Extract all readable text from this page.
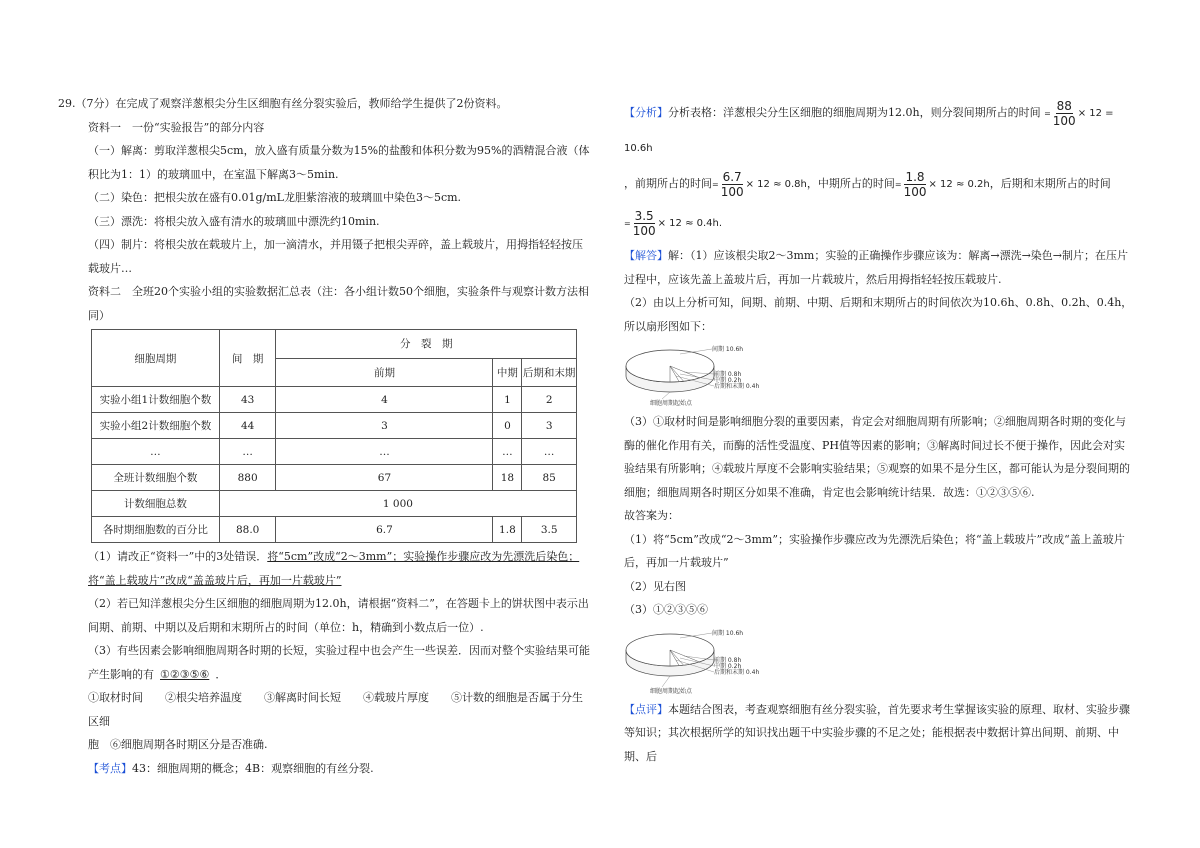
29.（7分）在完成了观察洋葱根尖分生区细胞有丝分裂实验后，教师给学生提供了2份资料。

资料一　一份“实验报告”的部分内容

（一）解离：剪取洋葱根尖5cm，放入盛有质量分数为15%的盐酸和体积分数为95%的酒精混合液（体积比为1：1）的玻璃皿中，在室温下解离3～5min.

（二）染色：把根尖放在盛有0.01g/mL龙胆紫溶液的玻璃皿中染色3～5cm.

（三）漂洗：将根尖放入盛有清水的玻璃皿中漂洗约10min.

（四）制片：将根尖放在载玻片上，加一滴清水，并用镊子把根尖弄碎，盖上载玻片，用拇指轻轻按压载玻片…

资料二　全班20个实验小组的实验数据汇总表（注：各小组计数50个细胞，实验条件与观察计数方法相同）

细胞周期	间　期	分　裂　期		
		前期	中期	后期和末期
实验小组1计数细胞个数	43	4	1	2
实验小组2计数细胞个数	44	3	0	3
…	…	…	…	…
全班计数细胞个数	880	67	18	85
计数细胞总数	1 000			
各时期细胞数的百分比	88.0	6.7	1.8	3.5

（1）请改正“资料一”中的3处错误．将“5cm”改成“2～3mm”；实验操作步骤应改为先漂洗后染色；

将“盖上载玻片”改成“盖盖玻片后，再加一片载玻片”

（2）若已知洋葱根尖分生区细胞的细胞周期为12.0h，请根据“资料二”，在答题卡上的饼状图中表示出间期、前期、中期以及后期和末期所占的时间（单位：h，精确到小数点后一位）.

（3）有些因素会影响细胞周期各时期的长短，实验过程中也会产生一些误差．因而对整个实验结果可能产生影响的有 ①②③⑤⑥ ．

①取材时间　　②根尖培养温度　　③解离时间长短　　④载玻片厚度　　⑤计数的细胞是否属于分生区细

胞　⑥细胞周期各时期区分是否准确.

【考点】43：细胞周期的概念；4B：观察细胞的有丝分裂.

【分析】分析表格：洋葱根尖分生区细胞的细胞周期为12.0h，则分裂间期所占的时间 = $\frac{88}{100} \times 12 = 10.6h$

，前期所占的时间= $\frac{6.7}{100} \times 12 \approx 0.8h$，中期所占的时间= $\frac{1.8}{100} \times 12 \approx 0.2h$，后期和末期所占的时间

= $\frac{3.5}{100} \times 12 \approx 0.4h$.

【解答】解：（1）应该根尖取2～3mm；实验的正确操作步骤应该为：解离→漂洗→染色→制片；在压片过程中，应该先盖上盖玻片后，再加一片载玻片，然后用拇指轻轻按压载玻片.

（2）由以上分析可知，间期、前期、中期、后期和末期所占的时间依次为10.6h、0.8h、0.2h、0.4h，所以扇形图如下：

间期 10.6h
前期 0.8h
中期 0.2h
后期和末期 0.4h
细胞周期起始点

（3）①取材时间是影响细胞分裂的重要因素，肯定会对细胞周期有所影响；②细胞周期各时期的变化与酶的催化作用有关，而酶的活性受温度、PH值等因素的影响；③解离时间过长不便于操作，因此会对实验结果有所影响；④载玻片厚度不会影响实验结果；⑤观察的如果不是分生区，都可能认为是分裂间期的细胞；细胞周期各时期区分如果不准确，肯定也会影响统计结果．故选：①②③⑤⑥.

故答案为：

（1）将“5cm”改成“2～3mm”；实验操作步骤应改为先漂洗后染色；将“盖上载玻片”改成“盖上盖玻片后，再加一片载玻片”

（2）见右图

（3）①②③⑤⑥

间期 10.6h
前期 0.8h
中期 0.2h
后期和末期 0.4h
细胞周期起始点

【点评】本题结合图表，考查观察细胞有丝分裂实验，首先要求考生掌握该实验的原理、取材、实验步骤等知识；其次根据所学的知识找出题干中实验步骤的不足之处；能根据表中数据计算出间期、前期、中期、后
